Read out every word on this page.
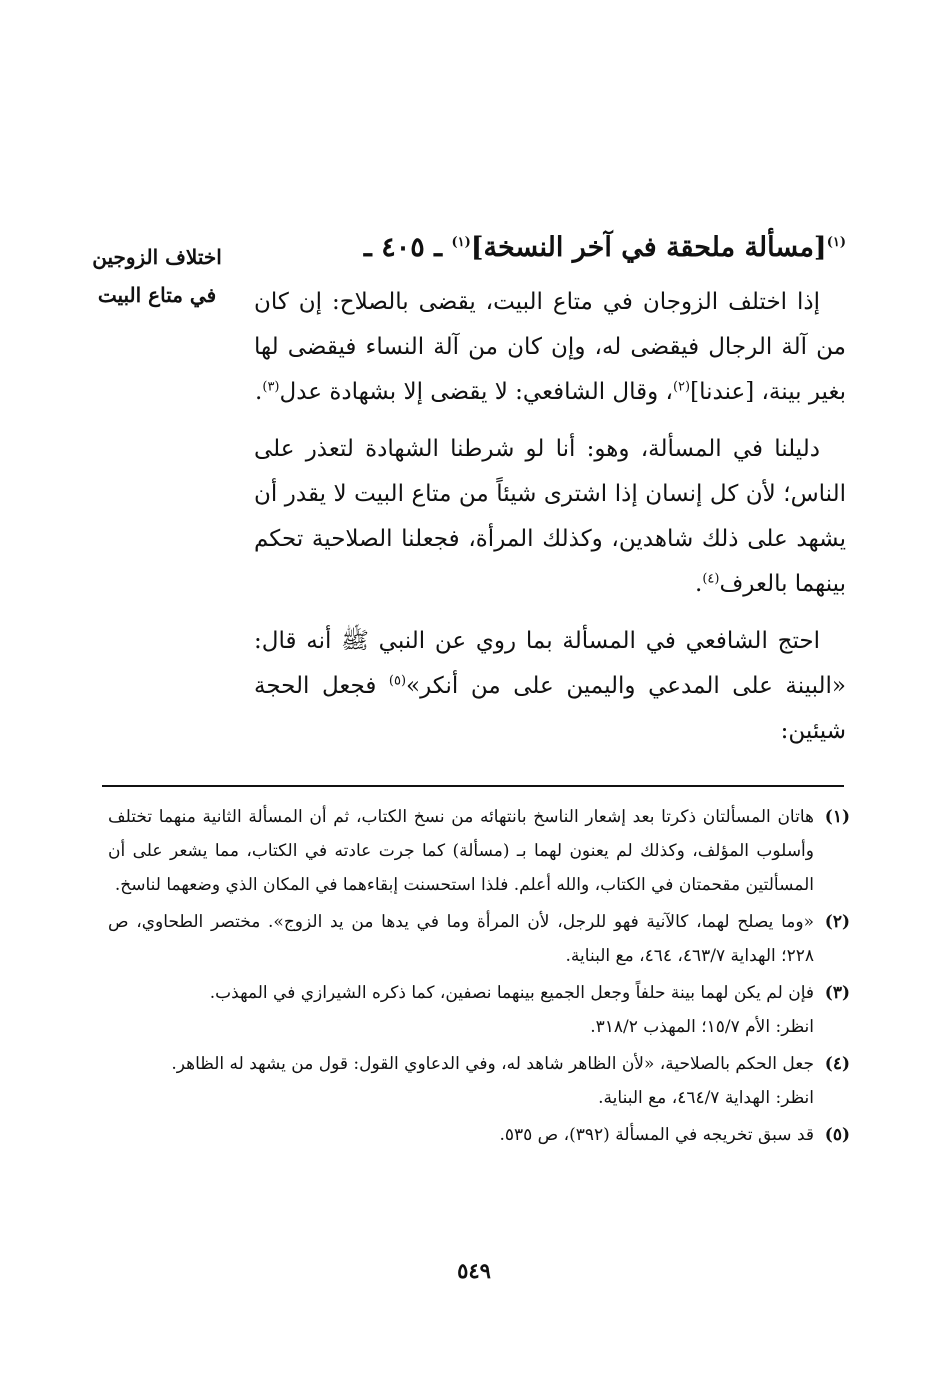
اختلاف الزوجين
في متاع البيت
$^{(١)}$[مسألة ملحقة في آخر النسخة]$^{(١)}$ ـ ٤٠٥ ـ

إذا اختلف الزوجان في متاع البيت، يقضى بالصلاح: إن كان من آلة الرجال فيقضى له، وإن كان من آلة النساء فيقضى لها بغير بينة، [عندنا]$^{(٢)}$، وقال الشافعي: لا يقضى إلا بشهادة عدل$^{(٣)}$.

دليلنا في المسألة، وهو: أنا لو شرطنا الشهادة لتعذر على الناس؛ لأن كل إنسان إذا اشترى شيئاً من متاع البيت لا يقدر أن يشهد على ذلك شاهدين، وكذلك المرأة، فجعلنا الصلاحية تحكم بينهما بالعرف$^{(٤)}$.

احتج الشافعي في المسألة بما روي عن النبي ﷺ أنه قال: «البينة على المدعي واليمين على من أنكر»$^{(٥)}$ فجعل الحجة شيئين:

(١)
هاتان المسألتان ذكرتا بعد إشعار الناسخ بانتهائه من نسخ الكتاب، ثم أن المسألة الثانية منهما تختلف وأسلوب المؤلف، وكذلك لم يعنون لهما بـ (مسألة) كما جرت عادته في الكتاب، مما يشعر على أن المسألتين مقحمتان في الكتاب، والله أعلم. فلذا استحسنت إبقاءهما في المكان الذي وضعهما لناسخ.
(٢)
«وما يصلح لهما، كالآنية فهو للرجل، لأن المرأة وما في يدها من يد الزوج». مختصر الطحاوي، ص ٢٢٨؛ الهداية ٤٦٣/٧، ٤٦٤، مع البناية.
(٣)
فإن لم يكن لهما بينة حلفاً وجعل الجميع بينهما نصفين، كما ذكره الشيرازي في المهذب.
انظر: الأم ١٥/٧؛ المهذب ٣١٨/٢.
(٤)
جعل الحكم بالصلاحية، «لأن الظاهر شاهد له، وفي الدعاوي القول: قول من يشهد له الظاهر.
انظر: الهداية ٤٦٤/٧، مع البناية.
(٥)
قد سبق تخريجه في المسألة (٣٩٢)، ص ٥٣٥.
٥٤٩
